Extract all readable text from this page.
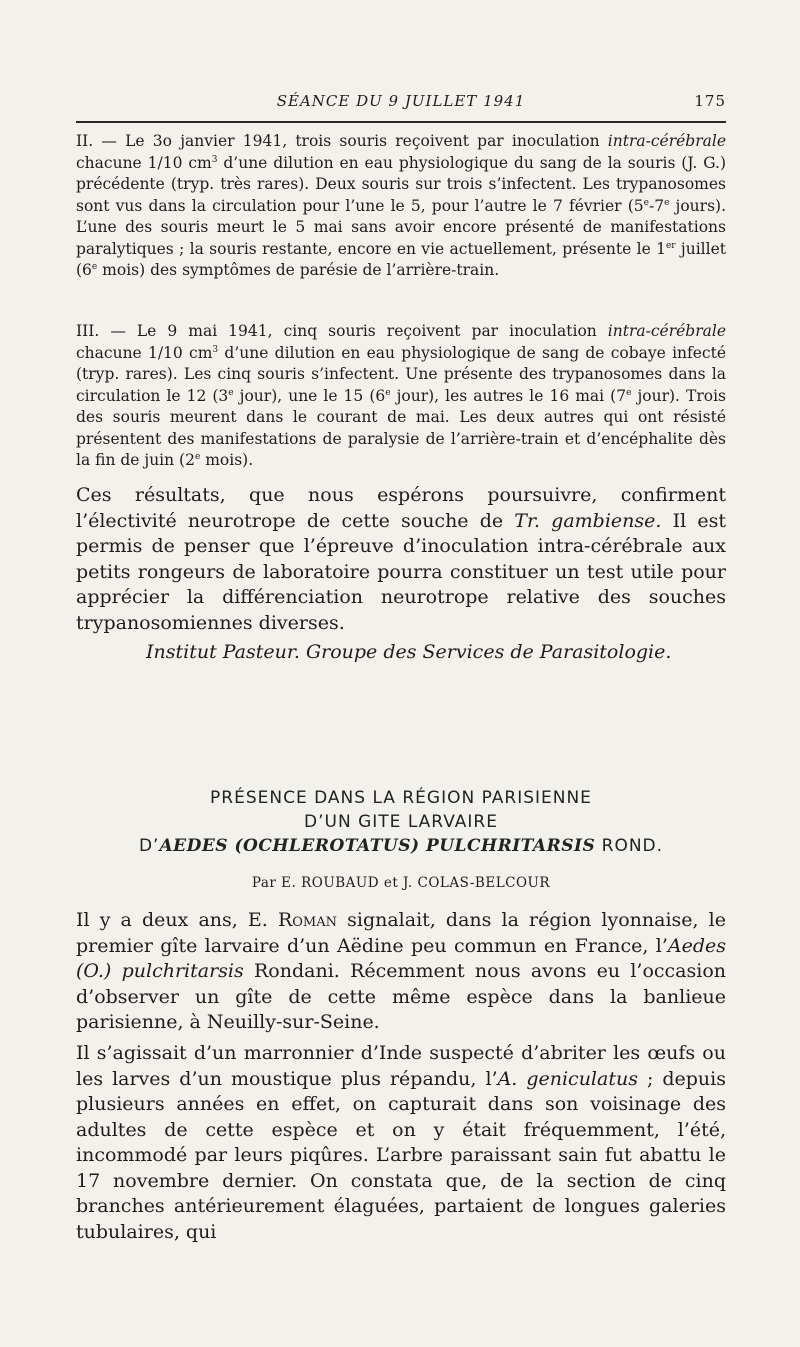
SÉANCE DU 9 JUILLET 1941	175

II. — Le 3o janvier 1941, trois souris reçoivent par inoculation intra-cérébrale chacune 1/10 $cm^3$ d’une dilution en eau physiologique du sang de la souris (J. G.) précédente (tryp. très rares). Deux souris sur trois s’infectent. Les trypanosomes sont vus dans la circulation pour l’une le 5, pour l’autre le 7 février (5e-7e jours). L’une des souris meurt le 5 mai sans avoir encore présenté de manifestations paralytiques ; la souris restante, encore en vie actuellement, présente le 1er juillet (6e mois) des symptômes de parésie de l’arrière-train.

III. — Le 9 mai 1941, cinq souris reçoivent par inoculation intra-cérébrale chacune 1/10 $cm^3$ d’une dilution en eau physiologique de sang de cobaye infecté (tryp. rares). Les cinq souris s’infectent. Une présente des trypanosomes dans la circulation le 12 (3e jour), une le 15 (6e jour), les autres le 16 mai (7e jour). Trois des souris meurent dans le courant de mai. Les deux autres qui ont résisté présentent des manifestations de paralysie de l’arrière-train et d’encéphalite dès la fin de juin (2e mois).

Ces résultats, que nous espérons poursuivre, confirment l’électivité neurotrope de cette souche de Tr. gambiense. Il est permis de penser que l’épreuve d’inoculation intra-cérébrale aux petits rongeurs de laboratoire pourra constituer un test utile pour apprécier la différenciation neurotrope relative des souches trypanosomiennes diverses.

Institut Pasteur. Groupe des Services de Parasitologie.

PRÉSENCE DANS LA RÉGION PARISIENNE

D’UN GITE LARVAIRE

D’AEDES (OCHLEROTATUS) PULCHRITARSIS ROND.

Par E. ROUBAUD et J. COLAS-BELCOUR

Il y a deux ans, E. Roman signalait, dans la région lyonnaise, le premier gîte larvaire d’un Aëdine peu commun en France, l’Aedes (O.) pulchritarsis Rondani. Récemment nous avons eu l’occasion d’observer un gîte de cette même espèce dans la banlieue parisienne, à Neuilly-sur-Seine.

Il s’agissait d’un marronnier d’Inde suspecté d’abriter les œufs ou les larves d’un moustique plus répandu, l’A. geniculatus ; depuis plusieurs années en effet, on capturait dans son voisinage des adultes de cette espèce et on y était fréquemment, l’été, incommodé par leurs piqûres. L’arbre paraissant sain fut abattu le 17 novembre dernier. On constata que, de la section de cinq branches antérieurement élaguées, partaient de longues galeries tubulaires, qui
